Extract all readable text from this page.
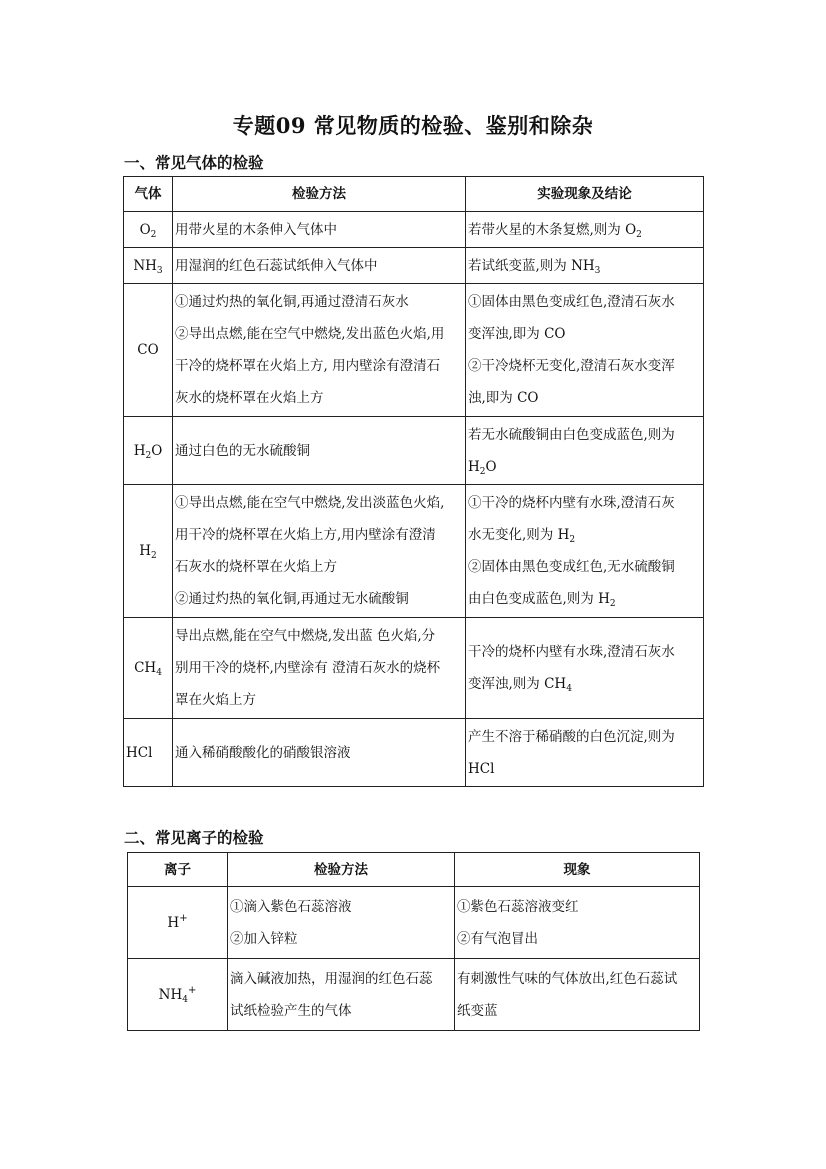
专题09 常见物质的检验、鉴别和除杂
一、常见气体的检验
气体	检验方法	实验现象及结论
$O_2$	用带火星的木条伸入气体中	若带火星的木条复燃,则为 $O_2$

$NH_3$	用湿润的红色石蕊试纸伸入气体中	若试纸变蓝,则为 $NH_3$

CO	①通过灼热的氧化铜,再通过澄清石灰水
②导出点燃,能在空气中燃烧,发出蓝色火焰,用
干冷的烧杯罩在火焰上方, 用内壁涂有澄清石
灰水的烧杯罩在火焰上方	①固体由黑色变成红色,澄清石灰水
变浑浊,即为 CO
②干冷烧杯无变化,澄清石灰水变浑
浊,即为 CO

$H_2O$	通过白色的无水硫酸铜	若无水硫酸铜由白色变成蓝色,则为
$H_2O$

$H_2$	①导出点燃,能在空气中燃烧,发出淡蓝色火焰,
用干冷的烧杯罩在火焰上方,用内壁涂有澄清
石灰水的烧杯罩在火焰上方
②通过灼热的氧化铜,再通过无水硫酸铜	①干冷的烧杯内壁有水珠,澄清石灰
水无变化,则为 $H_2$
②固体由黑色变成红色,无水硫酸铜
由白色变成蓝色,则为 $H_2$

$CH_4$	导出点燃,能在空气中燃烧,发出蓝 色火焰,分
别用干冷的烧杯,内壁涂有 澄清石灰水的烧杯
罩在火焰上方	干冷的烧杯内壁有水珠,澄清石灰水
变浑浊,则为 $CH_4$

HCl	通入稀硝酸酸化的硝酸银溶液	产生不溶于稀硝酸的白色沉淀,则为
HCl
二、常见离子的检验
离子	检验方法	现象
H+	①滴入紫色石蕊溶液
②加入锌粒	①紫色石蕊溶液变红
②有气泡冒出

$NH_4^+$	滴入碱液加热，用湿润的红色石蕊
试纸检验产生的气体	有刺激性气味的气体放出,红色石蕊试
纸变蓝
